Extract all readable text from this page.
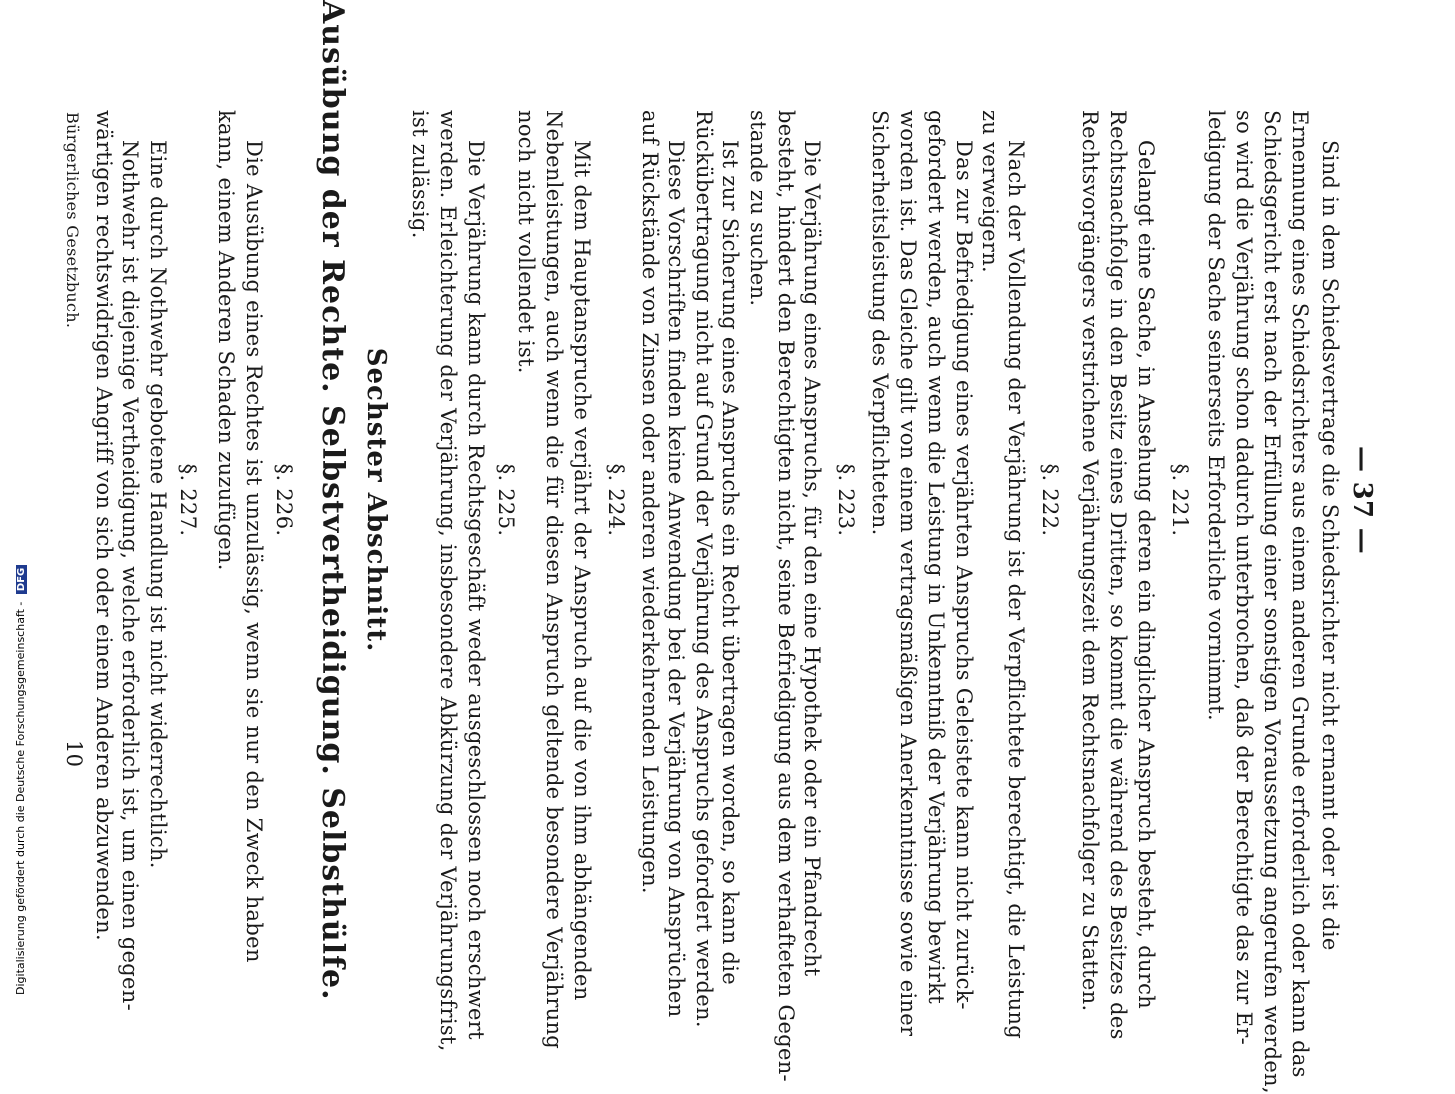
— 37 —
Sind in dem Schiedsvertrage die Schiedsrichter nicht ernannt oder ist die
Ernennung eines Schiedsrichters aus einem anderen Grunde erforderlich oder kann das
Schiedsgericht erst nach der Erfüllung einer sonstigen Voraussetzung angerufen werden,
so wird die Verjährung schon dadurch unterbrochen, daß der Berechtigte das zur Er-
ledigung der Sache seinerseits Erforderliche vornimmt.
§. 221.
Gelangt eine Sache, in Ansehung deren ein dinglicher Anspruch besteht, durch
Rechtsnachfolge in den Besitz eines Dritten, so kommt die während des Besitzes des
Rechtsvorgängers verstrichene Verjährungszeit dem Rechtsnachfolger zu Statten.
§. 222.
Nach der Vollendung der Verjährung ist der Verpflichtete berechtigt, die Leistung
zu verweigern.
Das zur Befriedigung eines verjährten Anspruchs Geleistete kann nicht zurück-
gefordert werden, auch wenn die Leistung in Unkenntniß der Verjährung bewirkt
worden ist. Das Gleiche gilt von einem vertragsmäßigen Anerkenntnisse sowie einer
Sicherheitsleistung des Verpflichteten.
§. 223.
Die Verjährung eines Anspruchs, für den eine Hypothek oder ein Pfandrecht
besteht, hindert den Berechtigten nicht, seine Befriedigung aus dem verhafteten Gegen-
stande zu suchen.
Ist zur Sicherung eines Anspruchs ein Recht übertragen worden, so kann die
Rückübertragung nicht auf Grund der Verjährung des Anspruchs gefordert werden.
Diese Vorschriften finden keine Anwendung bei der Verjährung von Ansprüchen
auf Rückstände von Zinsen oder anderen wiederkehrenden Leistungen.
§. 224.
Mit dem Hauptanspruche verjährt der Anspruch auf die von ihm abhängenden
Nebenleistungen, auch wenn die für diesen Anspruch geltende besondere Verjährung
noch nicht vollendet ist.
§. 225.
Die Verjährung kann durch Rechtsgeschäft weder ausgeschlossen noch erschwert
werden. Erleichterung der Verjährung, insbesondere Abkürzung der Verjährungsfrist,
ist zulässig.
Sechster Abschnitt.
Ausübung der Rechte. Selbstvertheidigung. Selbsthülfe.
§. 226.
Die Ausübung eines Rechtes ist unzulässig, wenn sie nur den Zweck haben
kann, einem Anderen Schaden zuzufügen.
§. 227.
Eine durch Nothwehr gebotene Handlung ist nicht widerrechtlich.
Nothwehr ist diejenige Vertheidigung, welche erforderlich ist, um einen gegen-
wärtigen rechtswidrigen Angriff von sich oder einem Anderen abzuwenden.
Bürgerliches Gesetzbuch.
10
Digitalisierung gefördert durch die Deutsche Forschungsgemeinschaft - DFG
